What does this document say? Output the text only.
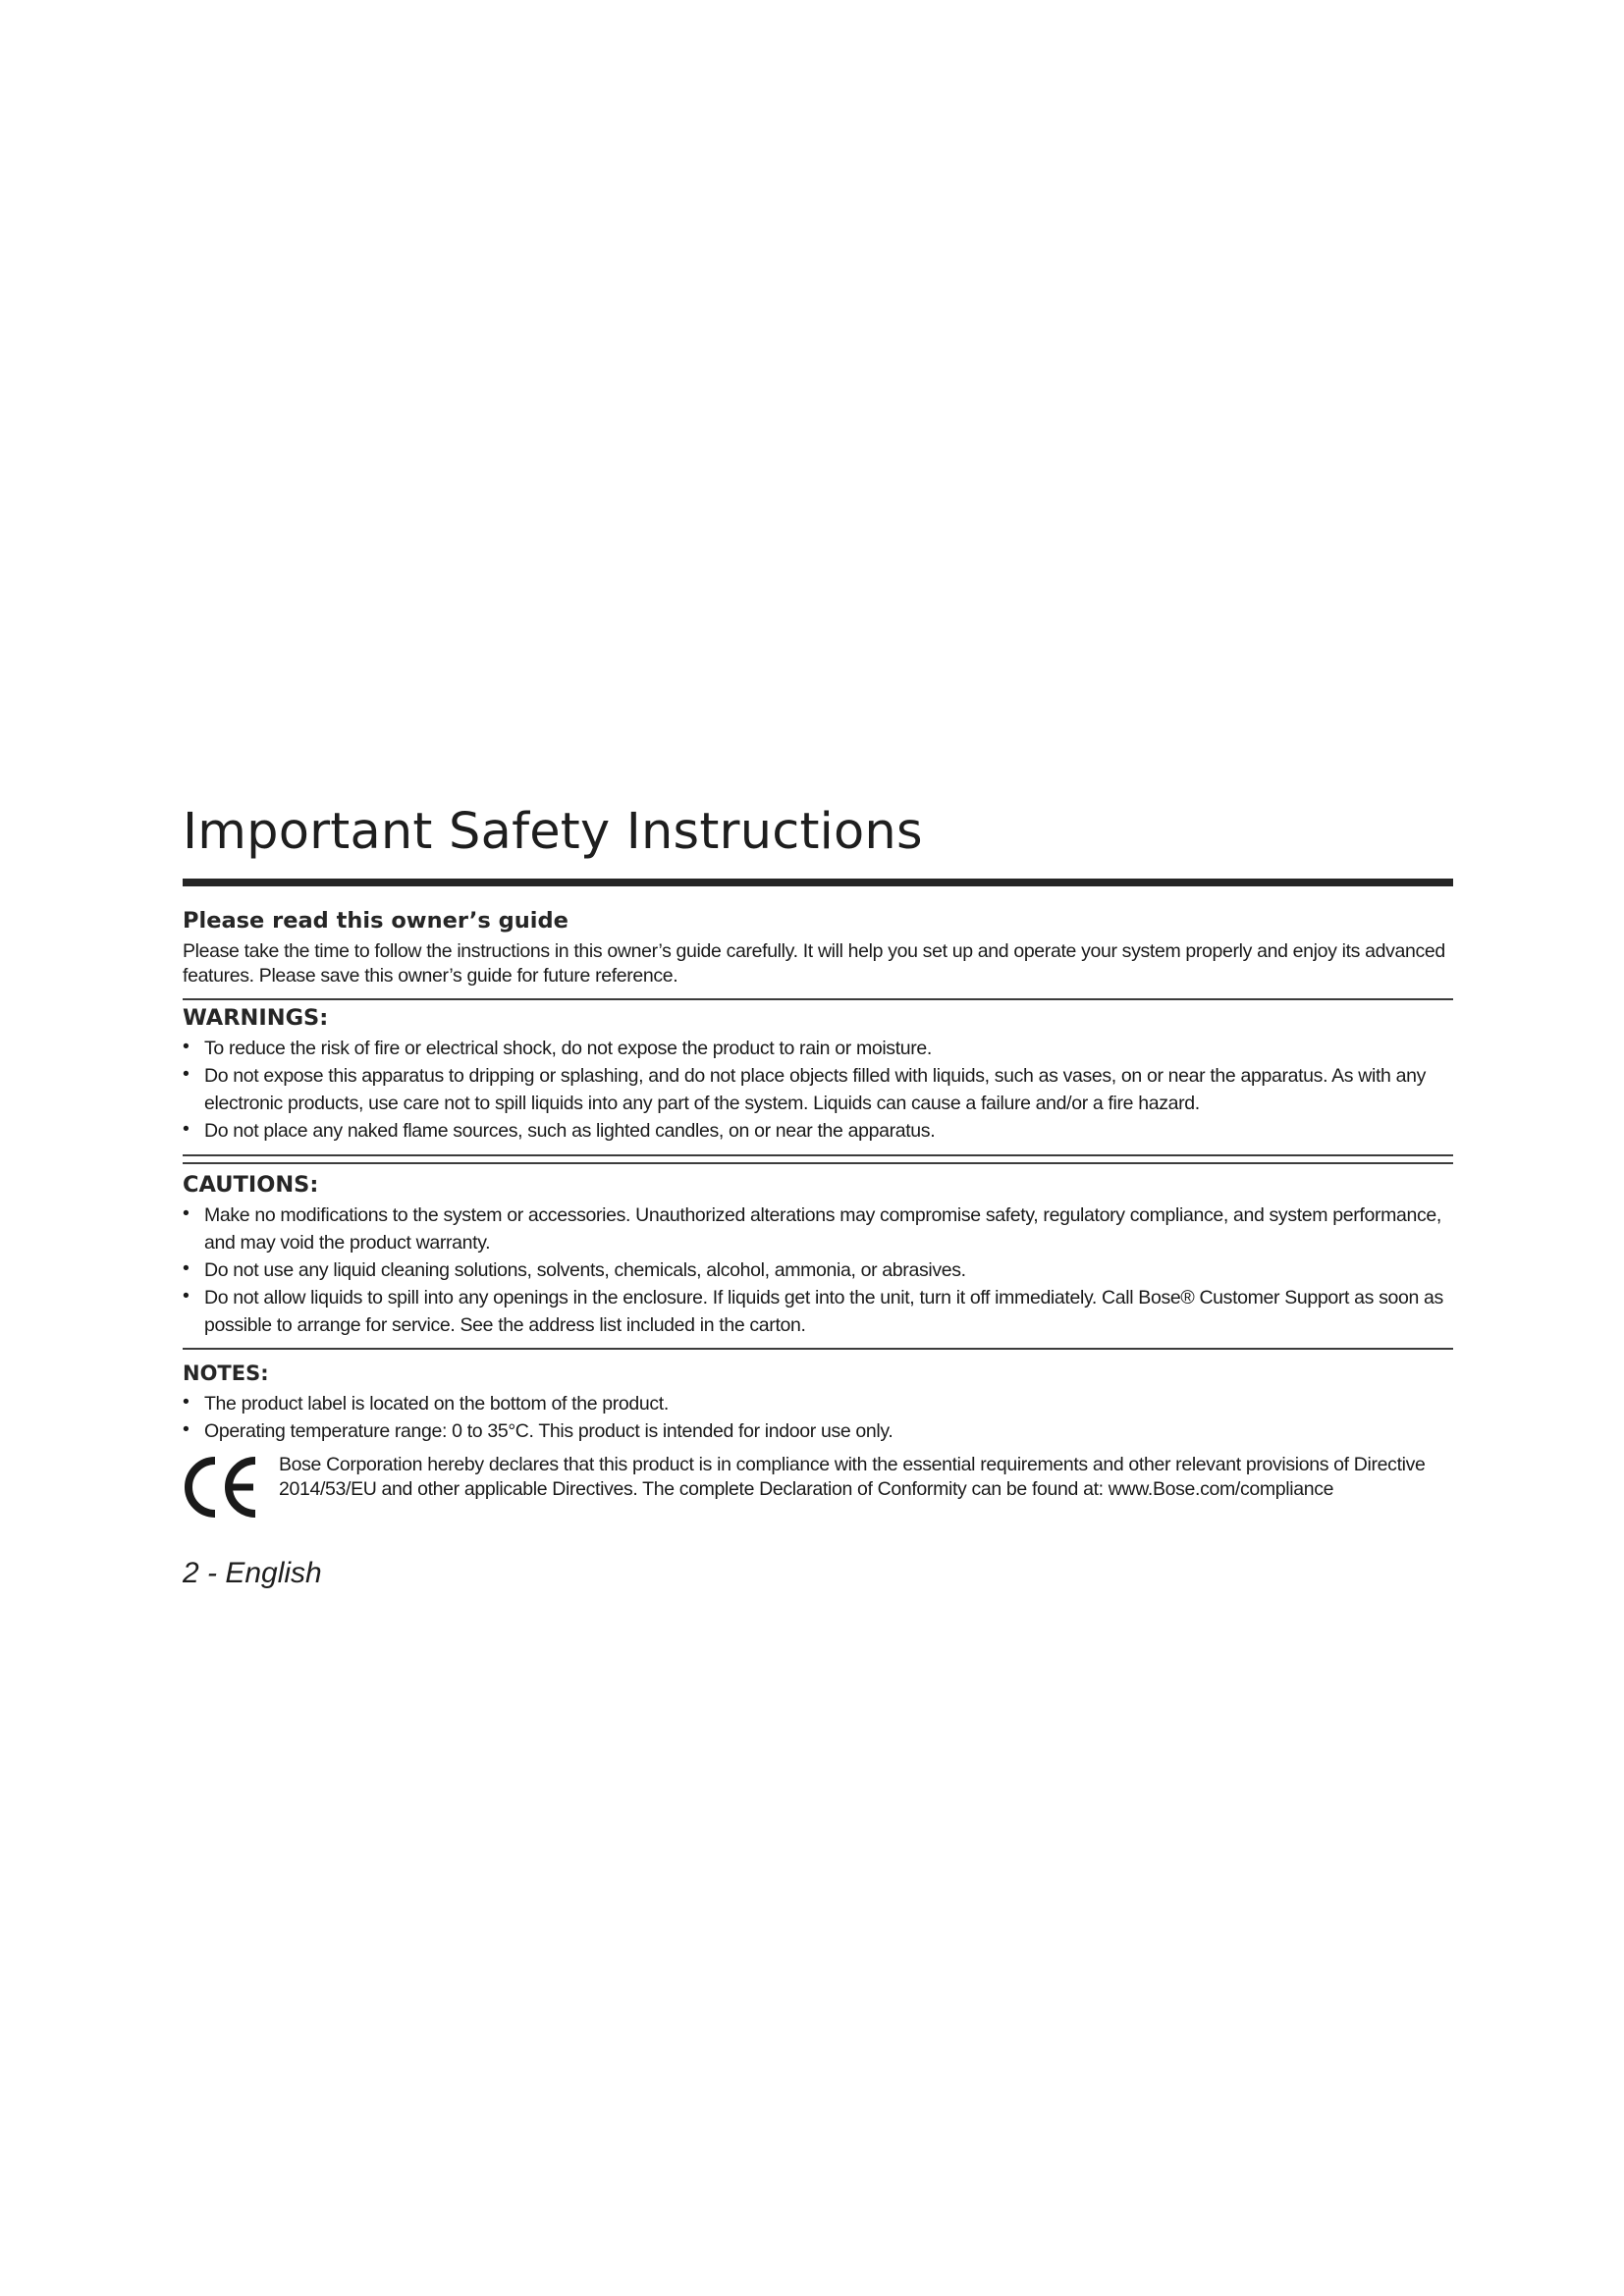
Important Safety Instructions
Please read this owner’s guide

Please take the time to follow the instructions in this owner’s guide carefully. It will help you set up and operate your system properly and enjoy its advanced features. Please save this owner’s guide for future reference.

WARNINGS:
• To reduce the risk of fire or electrical shock, do not expose the product to rain or moisture.
• Do not expose this apparatus to dripping or splashing, and do not place objects filled with liquids, such as vases, on or near the apparatus. As with any electronic products, use care not to spill liquids into any part of the system. Liquids can cause a failure and/or a fire hazard.
• Do not place any naked flame sources, such as lighted candles, on or near the apparatus.
CAUTIONS:
• Make no modifications to the system or accessories. Unauthorized alterations may compromise safety, regulatory compliance, and system performance, and may void the product warranty.
• Do not use any liquid cleaning solutions, solvents, chemicals, alcohol, ammonia, or abrasives.
• Do not allow liquids to spill into any openings in the enclosure. If liquids get into the unit, turn it off immediately. Call Bose® Customer Support as soon as possible to arrange for service. See the address list included in the carton.
NOTES:
• The product label is located on the bottom of the product.
• Operating temperature range: 0 to 35°C. This product is intended for indoor use only.

Bose Corporation hereby declares that this product is in compliance with the essential requirements and other relevant provisions of Directive 2014/53/EU and other applicable Directives. The complete Declaration of Conformity can be found at: www.Bose.com/compliance

2 - English
